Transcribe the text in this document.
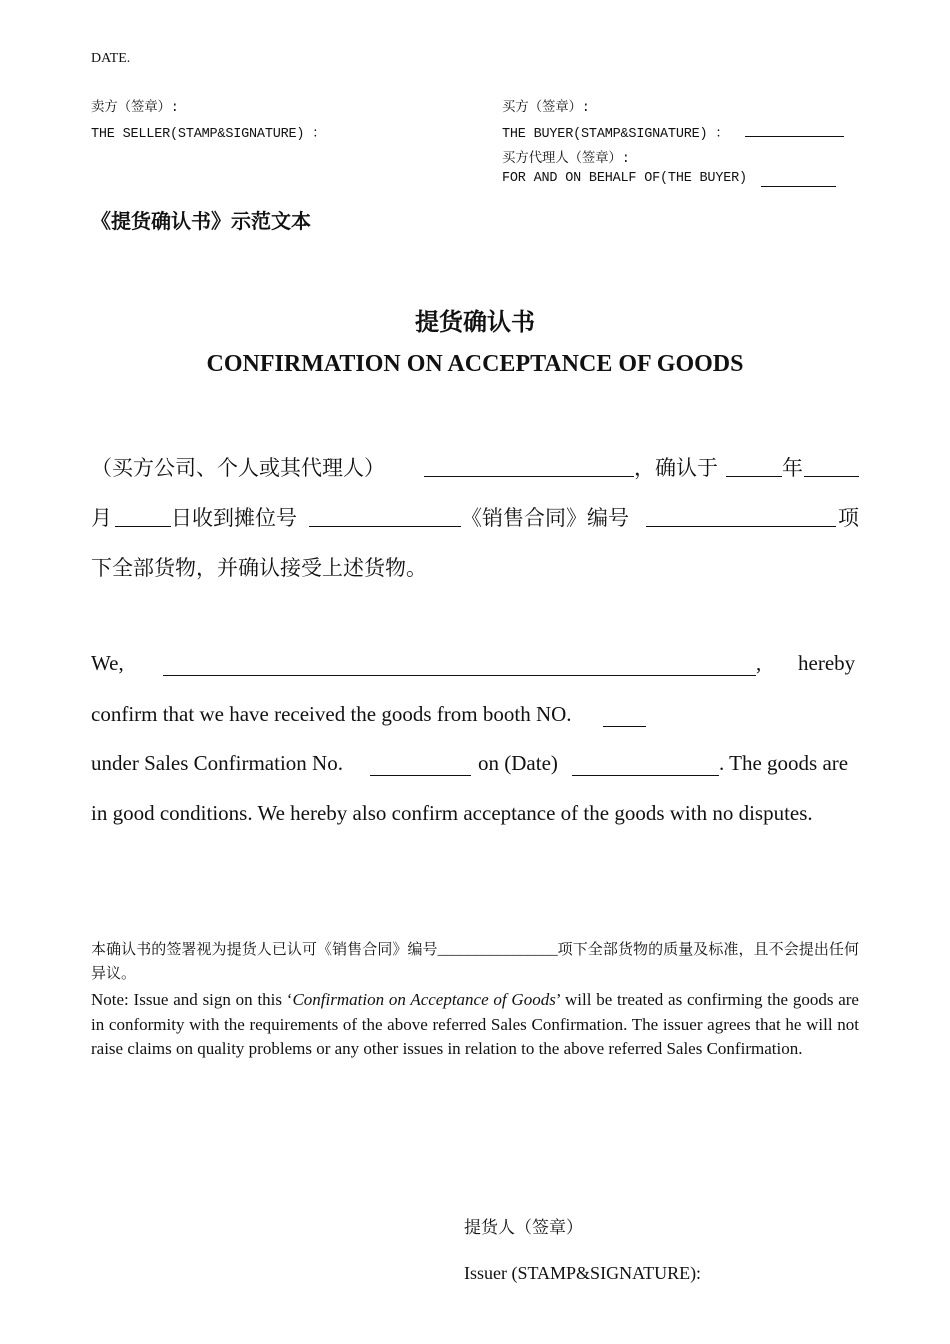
DATE.
卖方（签章）:
THE SELLER(STAMP&SIGNATURE) ：
买方（签章）:
THE BUYER(STAMP&SIGNATURE) ：
买方代理人（签章）:
FOR AND ON BEHALF OF(THE BUYER)
《提货确认书》示范文本
提货确认书
CONFIRMATION ON ACCEPTANCE OF GOODS
（买方公司、个人或其代理人）	，确认于	年
月	日收到摊位号	《销售合同》编号	项
下全部货物，并确认接受上述货物。
We,	, hereby
confirm that we have received the goods from booth NO.
under Sales Confirmation No.	on (Date)	. The goods are
in good conditions. We hereby also confirm acceptance of the goods with no disputes.
本确认书的签署视为提货人已认可《销售合同》编号________________项下全部货物的质量及标准，且不会提出任何异议。
Note: Issue and sign on this ‘Confirmation on Acceptance of Goods’ will be treated as confirming the goods are in conformity with the requirements of the above referred Sales Confirmation. The issuer agrees that he will not raise claims on quality problems or any other issues in relation to the above referred Sales Confirmation.
提货人（签章）
Issuer (STAMP&SIGNATURE):
